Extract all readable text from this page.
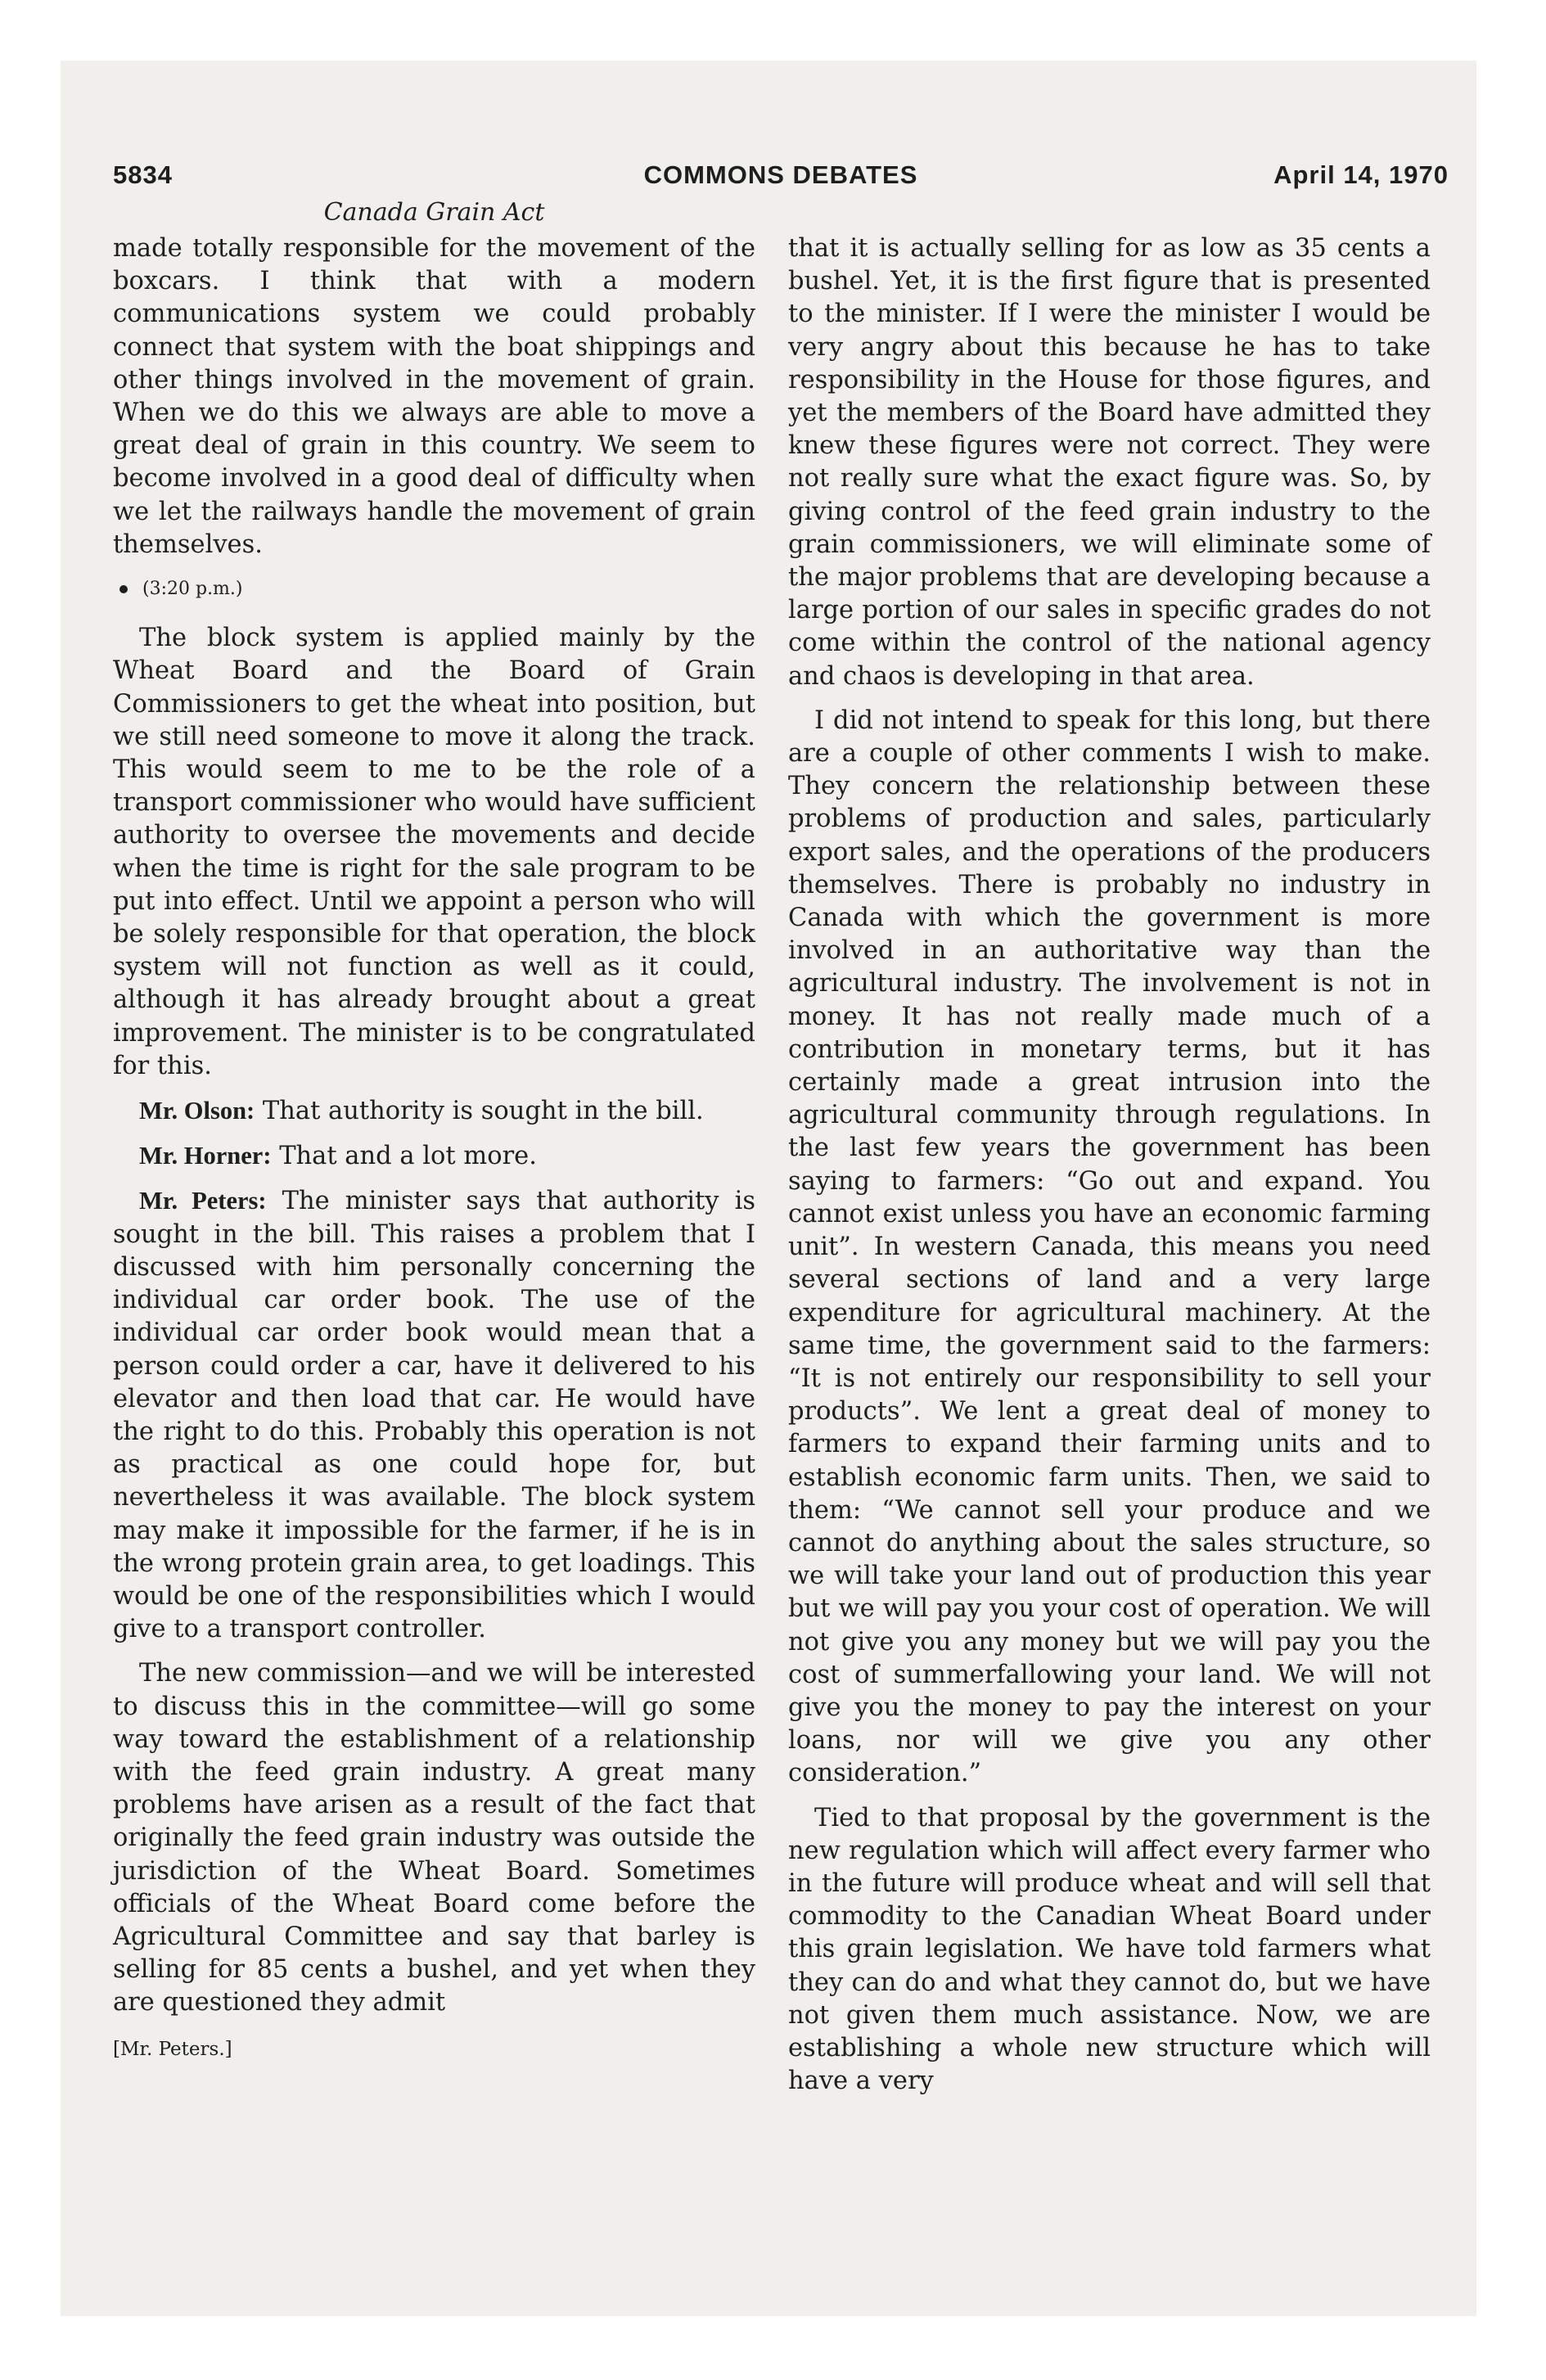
5834	COMMONS DEBATES	April 14, 1970
Canada Grain Act

made totally responsible for the movement of the boxcars. I think that with a modern communications system we could probably connect that system with the boat shippings and other things involved in the movement of grain. When we do this we always are able to move a great deal of grain in this country. We seem to become involved in a good deal of difficulty when we let the railways handle the movement of grain themselves.

(3:20 p.m.)

The block system is applied mainly by the Wheat Board and the Board of Grain Commissioners to get the wheat into position, but we still need someone to move it along the track. This would seem to me to be the role of a transport commissioner who would have sufficient authority to oversee the movements and decide when the time is right for the sale program to be put into effect. Until we appoint a person who will be solely responsible for that operation, the block system will not function as well as it could, although it has already brought about a great improvement. The minister is to be congratulated for this.

Mr. Olson: That authority is sought in the bill.

Mr. Horner: That and a lot more.

Mr. Peters: The minister says that authority is sought in the bill. This raises a problem that I discussed with him personally concerning the individual car order book. The use of the individual car order book would mean that a person could order a car, have it delivered to his elevator and then load that car. He would have the right to do this. Probably this operation is not as practical as one could hope for, but nevertheless it was available. The block system may make it impossible for the farmer, if he is in the wrong protein grain area, to get loadings. This would be one of the responsibilities which I would give to a transport controller.

The new commission—and we will be interested to discuss this in the committee—will go some way toward the establishment of a relationship with the feed grain industry. A great many problems have arisen as a result of the fact that originally the feed grain industry was outside the jurisdiction of the Wheat Board. Sometimes officials of the Wheat Board come before the Agricultural Committee and say that barley is selling for 85 cents a bushel, and yet when they are questioned they admit

[Mr. Peters.]

that it is actually selling for as low as 35 cents a bushel. Yet, it is the first figure that is presented to the minister. If I were the minister I would be very angry about this because he has to take responsibility in the House for those figures, and yet the members of the Board have admitted they knew these figures were not correct. They were not really sure what the exact figure was. So, by giving control of the feed grain industry to the grain commissioners, we will eliminate some of the major problems that are developing because a large portion of our sales in specific grades do not come within the control of the national agency and chaos is developing in that area.

I did not intend to speak for this long, but there are a couple of other comments I wish to make. They concern the relationship between these problems of production and sales, particularly export sales, and the operations of the producers themselves. There is probably no industry in Canada with which the government is more involved in an authoritative way than the agricultural industry. The involvement is not in money. It has not really made much of a contribution in monetary terms, but it has certainly made a great intrusion into the agricultural community through regulations. In the last few years the government has been saying to farmers: “Go out and expand. You cannot exist unless you have an economic farming unit”. In western Canada, this means you need several sections of land and a very large expenditure for agricultural machinery. At the same time, the government said to the farmers: “It is not entirely our responsibility to sell your products”. We lent a great deal of money to farmers to expand their farming units and to establish economic farm units. Then, we said to them: “We cannot sell your produce and we cannot do anything about the sales structure, so we will take your land out of production this year but we will pay you your cost of operation. We will not give you any money but we will pay you the cost of summerfallowing your land. We will not give you the money to pay the interest on your loans, nor will we give you any other consideration.”

Tied to that proposal by the government is the new regulation which will affect every farmer who in the future will produce wheat and will sell that commodity to the Canadian Wheat Board under this grain legislation. We have told farmers what they can do and what they cannot do, but we have not given them much assistance. Now, we are establishing a whole new structure which will have a very
